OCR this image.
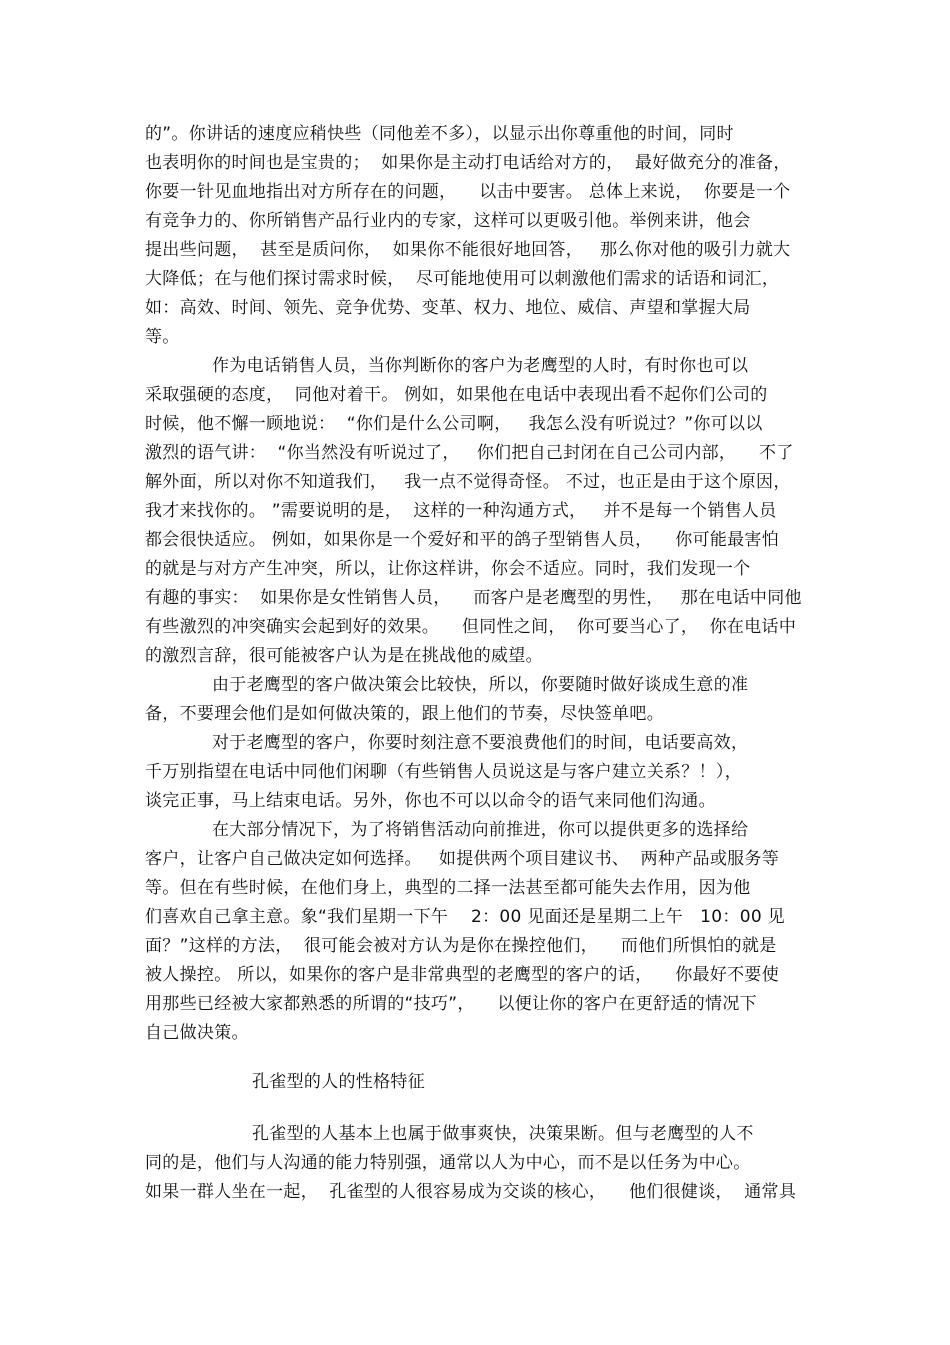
的”。你讲话的速度应稍快些（同他差不多），以显示出你尊重他的时间，同时
也表明你的时间也是宝贵的；  如果你是主动打电话给对方的，  最好做充分的准备，
你要一针见血地指出对方所存在的问题，    以击中要害。 总体上来说，  你要是一个
有竞争力的、你所销售产品行业内的专家，这样可以更吸引他。举例来讲，他会
提出些问题，  甚至是质问你，  如果你不能很好地回答，   那么你对他的吸引力就大
大降低；在与他们探讨需求时候，  尽可能地使用可以刺激他们需求的话语和词汇，
如：高效、时间、领先、竞争优势、变革、权力、地位、威信、声望和掌握大局
等。
作为电话销售人员，当你判断你的客户为老鹰型的人时，有时你也可以
采取强硬的态度，  同他对着干。 例如，如果他在电话中表现出看不起你们公司的
时候，他不懈一顾地说：  “你们是什么公司啊，   我怎么没有听说过？”你可以以
激烈的语气讲：  “你当然没有听说过了，   你们把自己封闭在自己公司内部，    不了
解外面，所以对你不知道我们，   我一点不觉得奇怪。 不过，也正是由于这个原因，
我才来找你的。 ”需要说明的是，  这样的一种沟通方式，   并不是每一个销售人员
都会很快适应。 例如，如果你是一个爱好和平的鸽子型销售人员，    你可能最害怕
的就是与对方产生冲突，所以，让你这样讲，你会不适应。同时，我们发现一个
有趣的事实：  如果你是女性销售人员，    而客户是老鹰型的男性，   那在电话中同他
有些激烈的冲突确实会起到好的效果。    但同性之间，  你可要当心了，  你在电话中
的激烈言辞，很可能被客户认为是在挑战他的威望。
由于老鹰型的客户做决策会比较快，所以，你要随时做好谈成生意的准
备，不要理会他们是如何做决策的，跟上他们的节奏，尽快签单吧。
对于老鹰型的客户，你要时刻注意不要浪费他们的时间，电话要高效，
千万别指望在电话中同他们闲聊（有些销售人员说这是与客户建立关系？！），
谈完正事，马上结束电话。另外，你也不可以以命令的语气来同他们沟通。
在大部分情况下，为了将销售活动向前推进，你可以提供更多的选择给
客户，让客户自己做决定如何选择。   如提供两个项目建议书、  两种产品或服务等
等。但在有些时候，在他们身上，典型的二择一法甚至都可能失去作用，因为他
们喜欢自己拿主意。象“我们星期一下午    2：00 见面还是星期二上午   10：00 见
面？”这样的方法，  很可能会被对方认为是你在操控他们，    而他们所惧怕的就是
被人操控。 所以，如果你的客户是非常典型的老鹰型的客户的话，    你最好不要使
用那些已经被大家都熟悉的所谓的“技巧”，    以便让你的客户在更舒适的情况下
自己做决策。
孔雀型的人的性格特征
孔雀型的人基本上也属于做事爽快，决策果断。但与老鹰型的人不
同的是，他们与人沟通的能力特别强，通常以人为中心，而不是以任务为中心。
如果一群人坐在一起，  孔雀型的人很容易成为交谈的核心，    他们很健谈，  通常具
